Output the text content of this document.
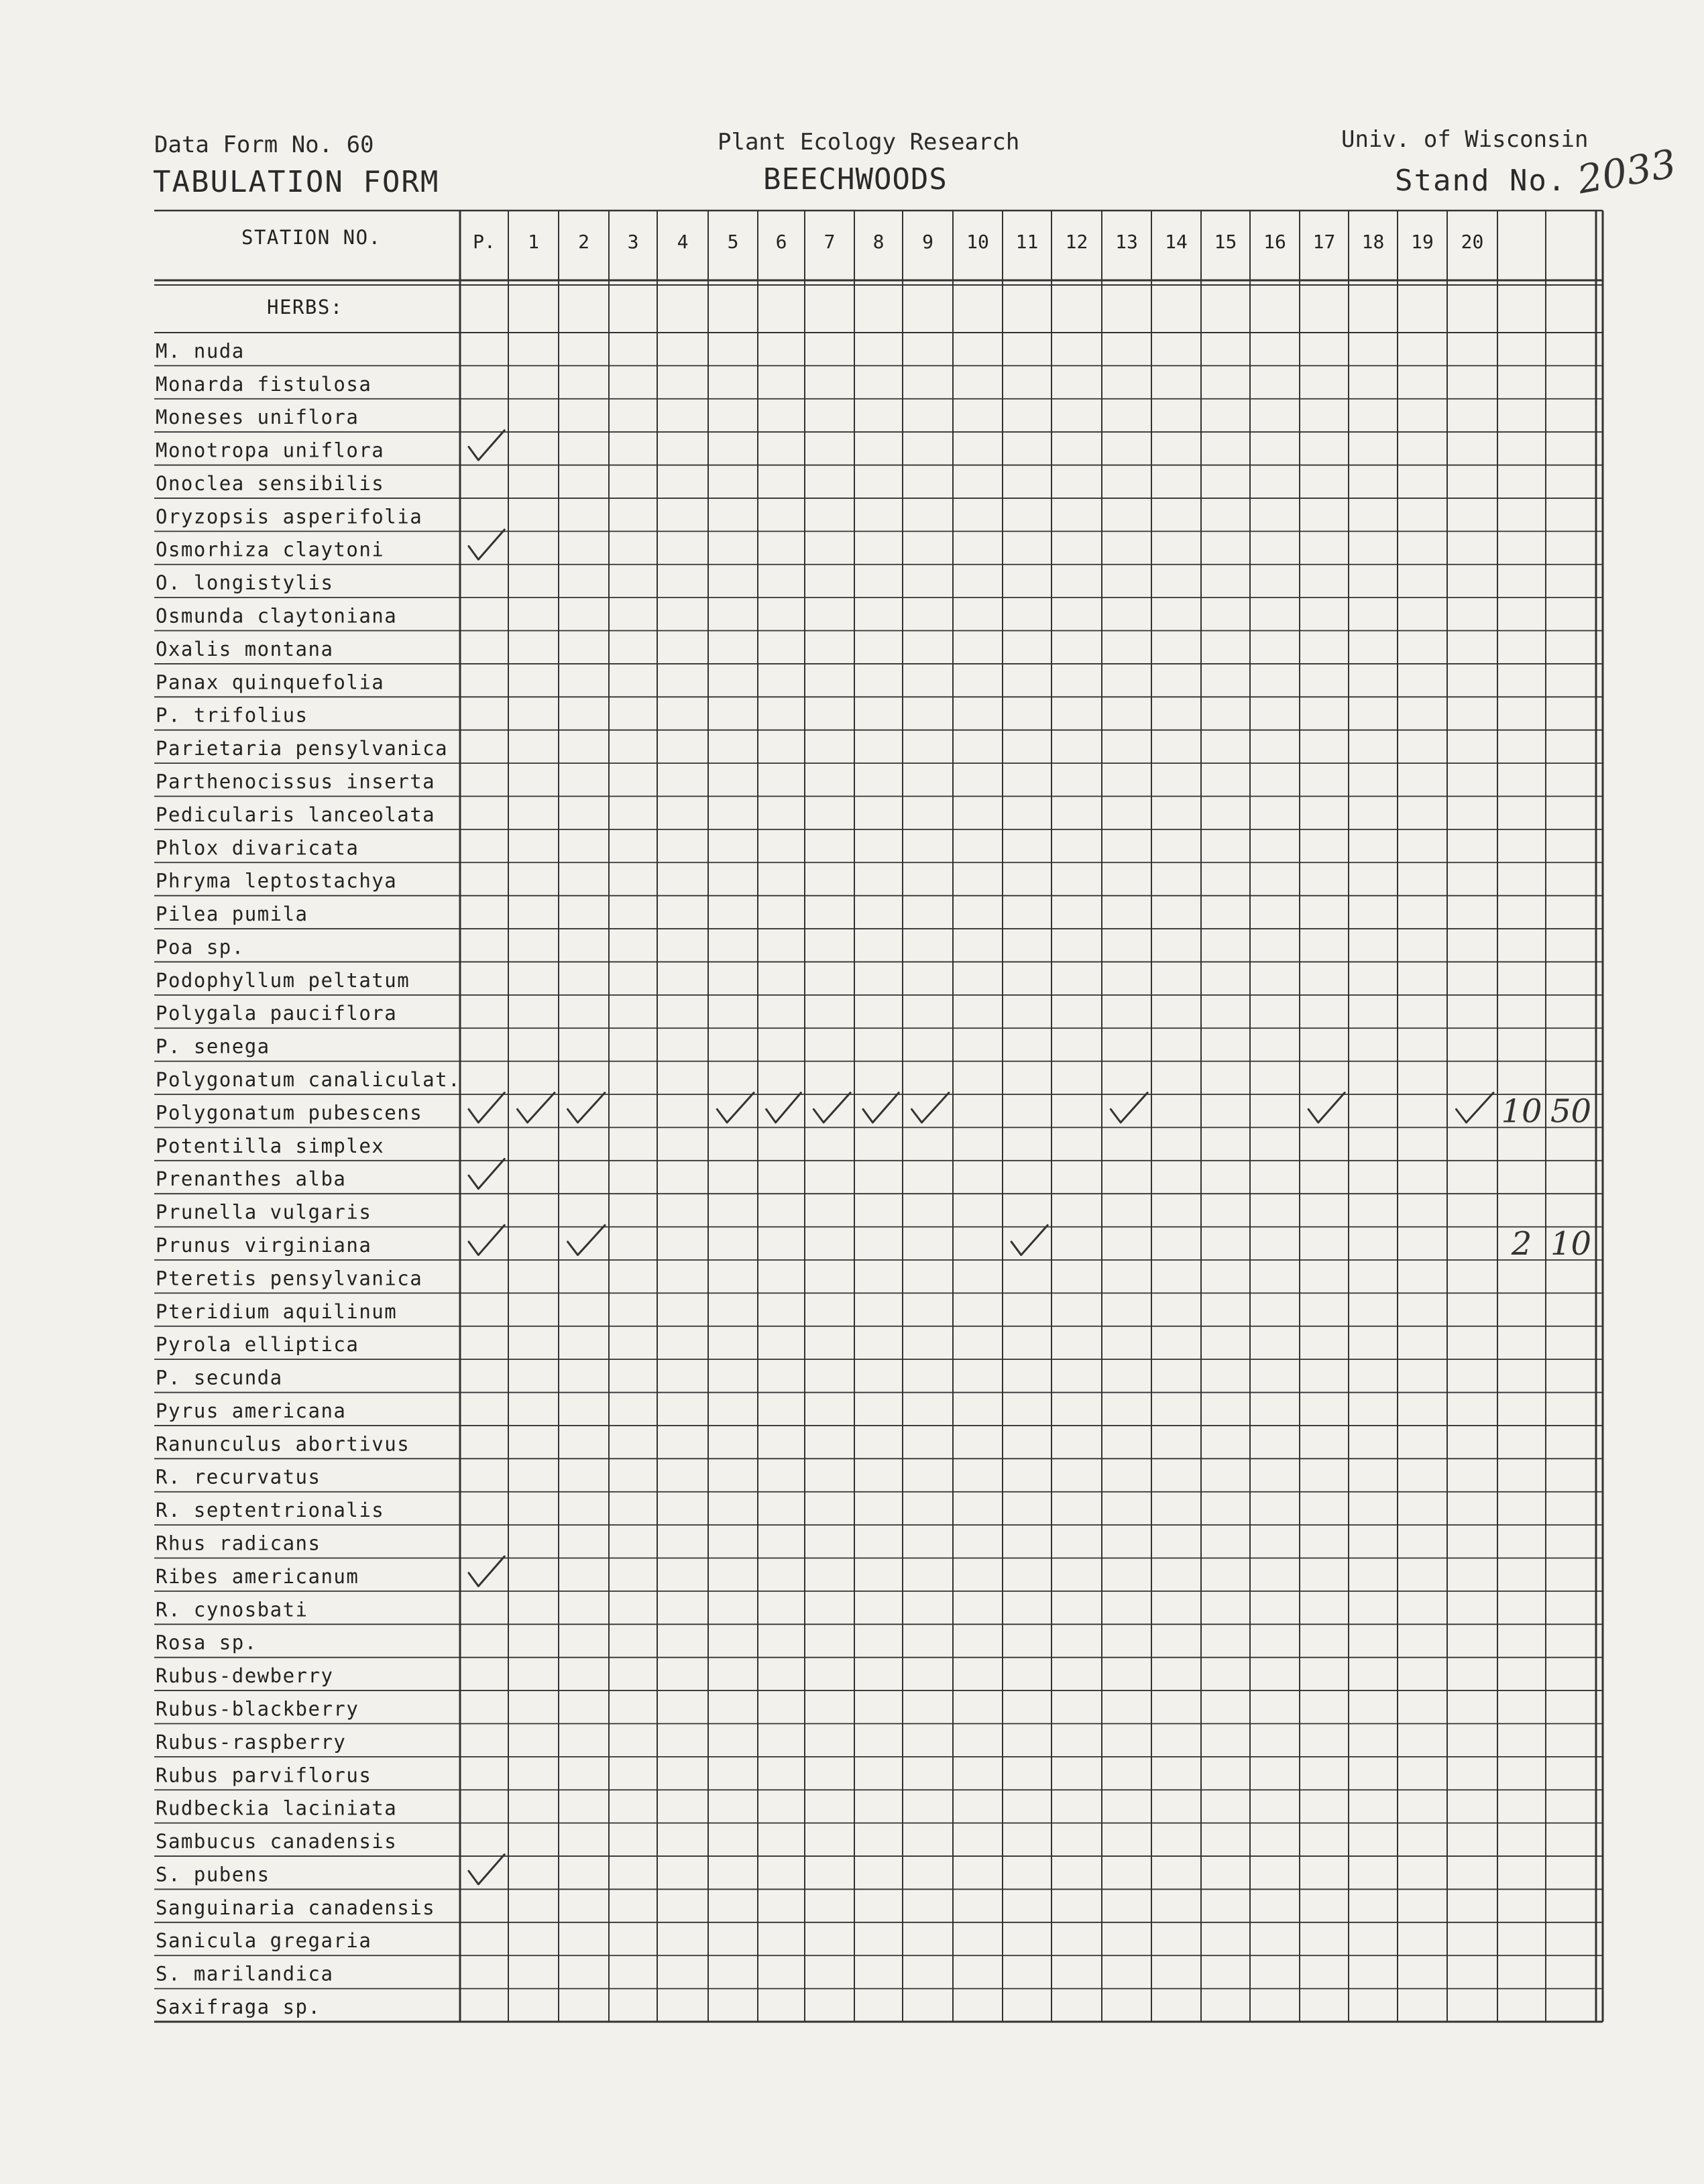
Data Form No. 60
TABULATION FORM
Plant Ecology Research
BEECHWOODS
Univ. of Wisconsin
Stand No. 2033
STATION NO.	P. 1 2 3 4 5 6 7 8 9 10 11 12 13 14 15 16 17 18 19 20
HERBS:
M. nuda
Monarda fistulosa
Moneses uniflora
Monotropa uniflora
Onoclea sensibilis
Oryzopsis asperifolia
Osmorhiza claytoni
O. longistylis
Osmunda claytoniana
Oxalis montana
Panax quinquefolia
P. trifolius
Parietaria pensylvanica
Parthenocissus inserta
Pedicularis lanceolata
Phlox divaricata
Phryma leptostachya
Pilea pumila
Poa sp.
Podophyllum peltatum
Polygala pauciflora
P. senega
Polygonatum canaliculat.
Polygonatum pubescens
Potentilla simplex
Prenanthes alba
Prunella vulgaris
Prunus virginiana
Pteretis pensylvanica
Pteridium aquilinum
Pyrola elliptica
P. secunda
Pyrus americana
Ranunculus abortivus
R. recurvatus
R. septentrionalis
Rhus radicans
Ribes americanum
R. cynosbati
Rosa sp.
Rubus-dewberry
Rubus-blackberry
Rubus-raspberry
Rubus parviflorus
Rudbeckia laciniata
Sambucus canadensis
S. pubens
Sanguinaria canadensis
Sanicula gregaria
S. marilandica
Saxifraga sp.
10 50
2 10
